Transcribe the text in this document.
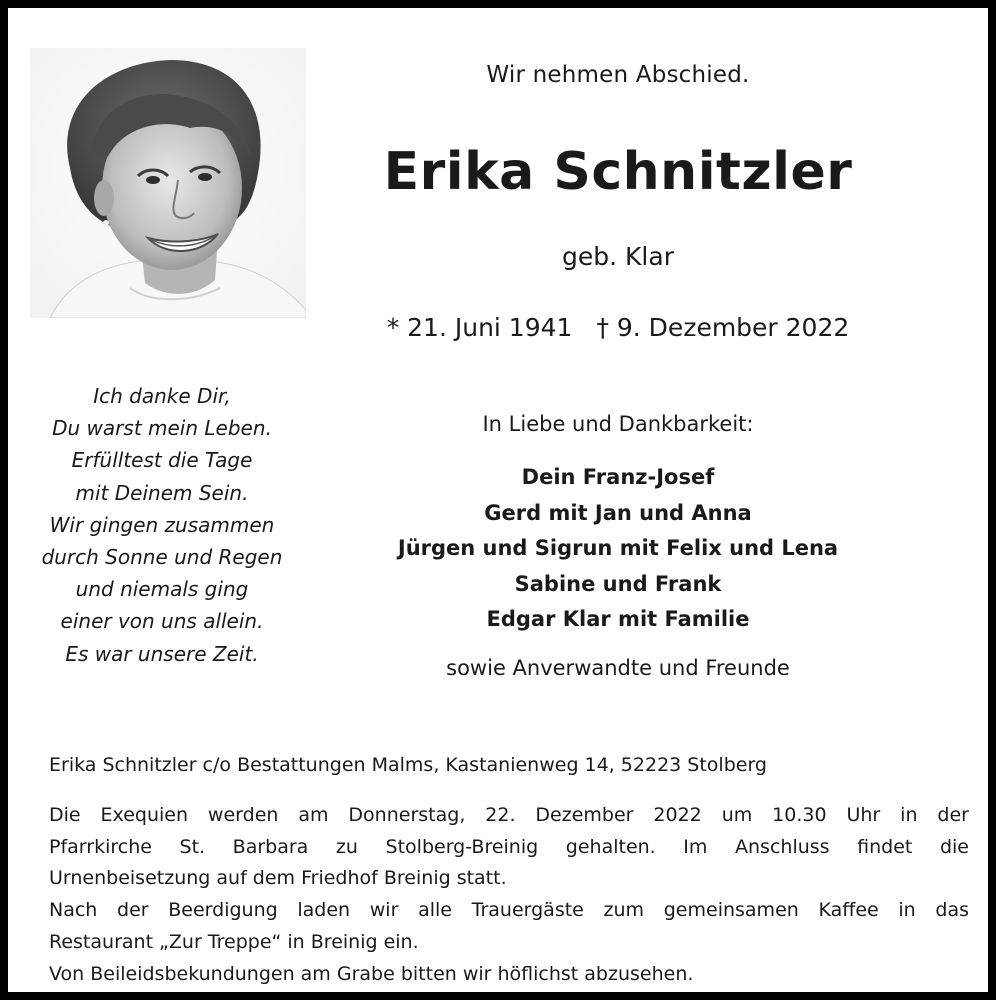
Wir nehmen Abschied.
Erika Schnitzler
geb. Klar
* 21. Juni 1941 † 9. Dezember 2022
Ich danke Dir,
Du warst mein Leben.
Erfülltest die Tage
mit Deinem Sein.
Wir gingen zusammen
durch Sonne und Regen
und niemals ging
einer von uns allein.
Es war unsere Zeit.
In Liebe und Dankbarkeit:
Dein Franz-Josef
Gerd mit Jan und Anna
Jürgen und Sigrun mit Felix und Lena
Sabine und Frank
Edgar Klar mit Familie
sowie Anverwandte und Freunde
Erika Schnitzler c/o Bestattungen Malms, Kastanienweg 14, 52223 Stolberg
Die Exequien werden am Donnerstag, 22. Dezember 2022 um 10.30 Uhr in der
Pfarrkirche St. Barbara zu Stolberg-Breinig gehalten. Im Anschluss findet die
Urnenbeisetzung auf dem Friedhof Breinig statt.
Nach der Beerdigung laden wir alle Trauergäste zum gemeinsamen Kaffee in das
Restaurant „Zur Treppe“ in Breinig ein.
Von Beileidsbekundungen am Grabe bitten wir höflichst abzusehen.
